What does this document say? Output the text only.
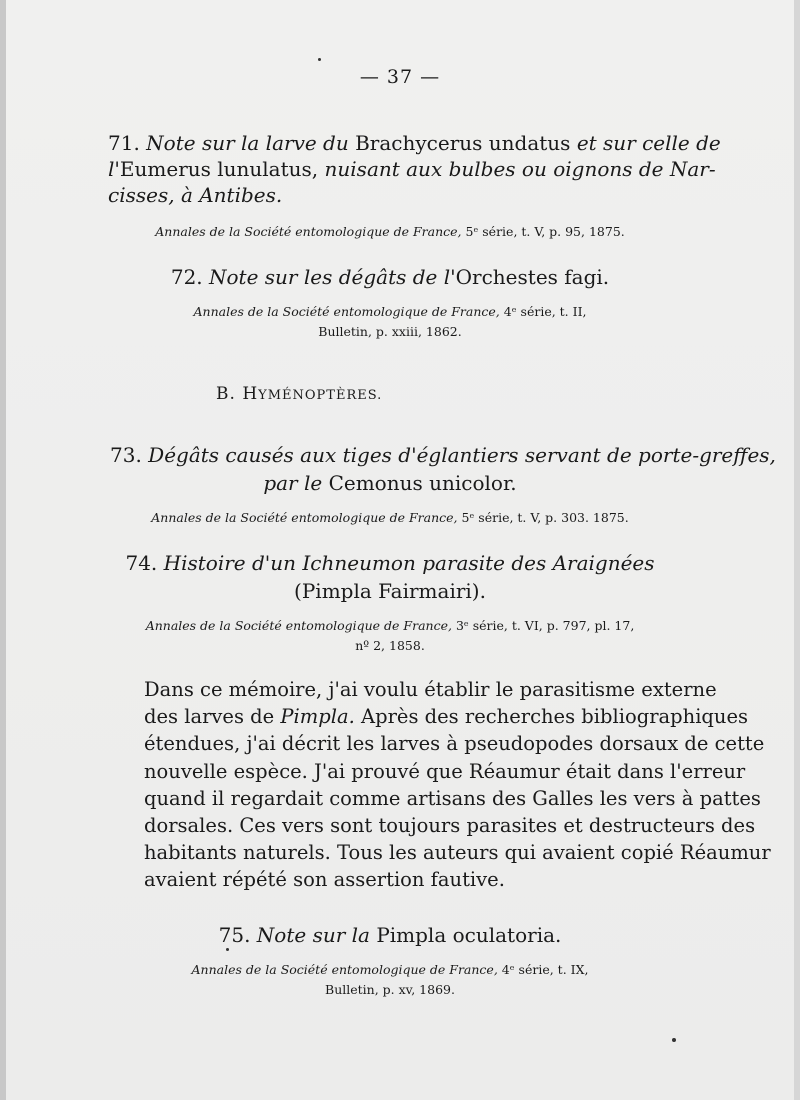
— 37 —
71. Note sur la larve du Brachycerus undatus et sur celle de
l'Eumerus lunulatus, nuisant aux bulbes ou oignons de Nar-
cisses, à Antibes.
Annales de la Société entomologique de France, 5ᵉ série, t. V, p. 95, 1875.
72. Note sur les dégâts de l'Orchestes fagi.
Annales de la Société entomologique de France, 4ᵉ série, t. II,
Bulletin, p. xxiii, 1862.
B. HYMÉNOPTÈRES.
73. Dégâts causés aux tiges d'églantiers servant de porte-greffes,
par le Cemonus unicolor.
Annales de la Société entomologique de France, 5ᵉ série, t. V, p. 303. 1875.
74. Histoire d'un Ichneumon parasite des Araignées
(Pimpla Fairmairi).
Annales de la Société entomologique de France, 3ᵉ série, t. VI, p. 797, pl. 17,
nº 2, 1858.
Dans ce mémoire, j'ai voulu établir le parasitisme externe
des larves de Pimpla. Après des recherches bibliographiques
étendues, j'ai décrit les larves à pseudopodes dorsaux de cette
nouvelle espèce. J'ai prouvé que Réaumur était dans l'erreur
quand il regardait comme artisans des Galles les vers à pattes
dorsales. Ces vers sont toujours parasites et destructeurs des
habitants naturels. Tous les auteurs qui avaient copié Réaumur
avaient répété son assertion fautive.
75. Note sur la Pimpla oculatoria.
Annales de la Société entomologique de France, 4ᵉ série, t. IX,
Bulletin, p. xv, 1869.
